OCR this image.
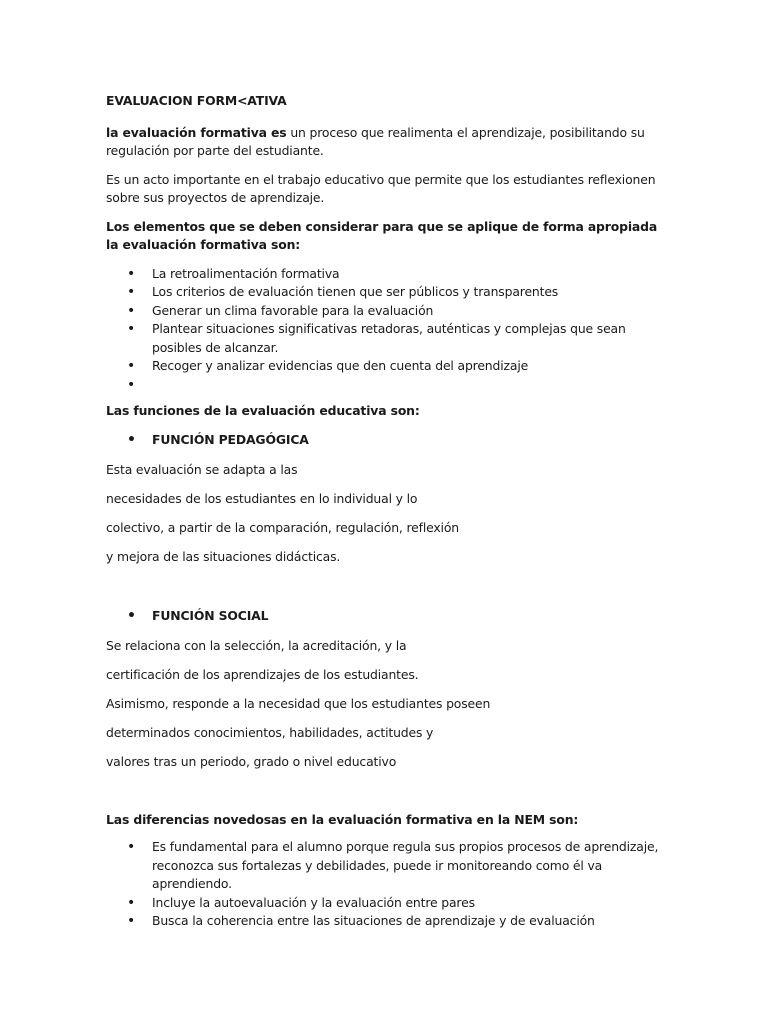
EVALUACION FORM<ATIVA

la evaluación formativa es un proceso que realimenta el aprendizaje, posibilitando su regulación por parte del estudiante.

Es un acto importante en el trabajo educativo que permite que los estudiantes reflexionen sobre sus proyectos de aprendizaje.

Los elementos que se deben considerar para que se aplique de forma apropiada la evaluación formativa son:

• La retroalimentación formativa
• Los criterios de evaluación tienen que ser públicos y transparentes
• Generar un clima favorable para la evaluación
• Plantear situaciones significativas retadoras, auténticas y complejas que sean posibles de alcanzar.
• Recoger y analizar evidencias que den cuenta del aprendizaje
•

Las funciones de la evaluación educativa son:

• FUNCIÓN PEDAGÓGICA

Esta evaluación se adapta a las

necesidades de los estudiantes en lo individual y lo

colectivo, a partir de la comparación, regulación, reflexión

y mejora de las situaciones didácticas.

• FUNCIÓN SOCIAL

Se relaciona con la selección, la acreditación, y la

certificación de los aprendizajes de los estudiantes.

Asimismo, responde a la necesidad que los estudiantes poseen

determinados conocimientos, habilidades, actitudes y

valores tras un periodo, grado o nivel educativo

Las diferencias novedosas en la evaluación formativa en la NEM son:

• Es fundamental para el alumno porque regula sus propios procesos de aprendizaje, reconozca sus fortalezas y debilidades, puede ir monitoreando como él va aprendiendo.
• Incluye la autoevaluación y la evaluación entre pares
• Busca la coherencia entre las situaciones de aprendizaje y de evaluación
